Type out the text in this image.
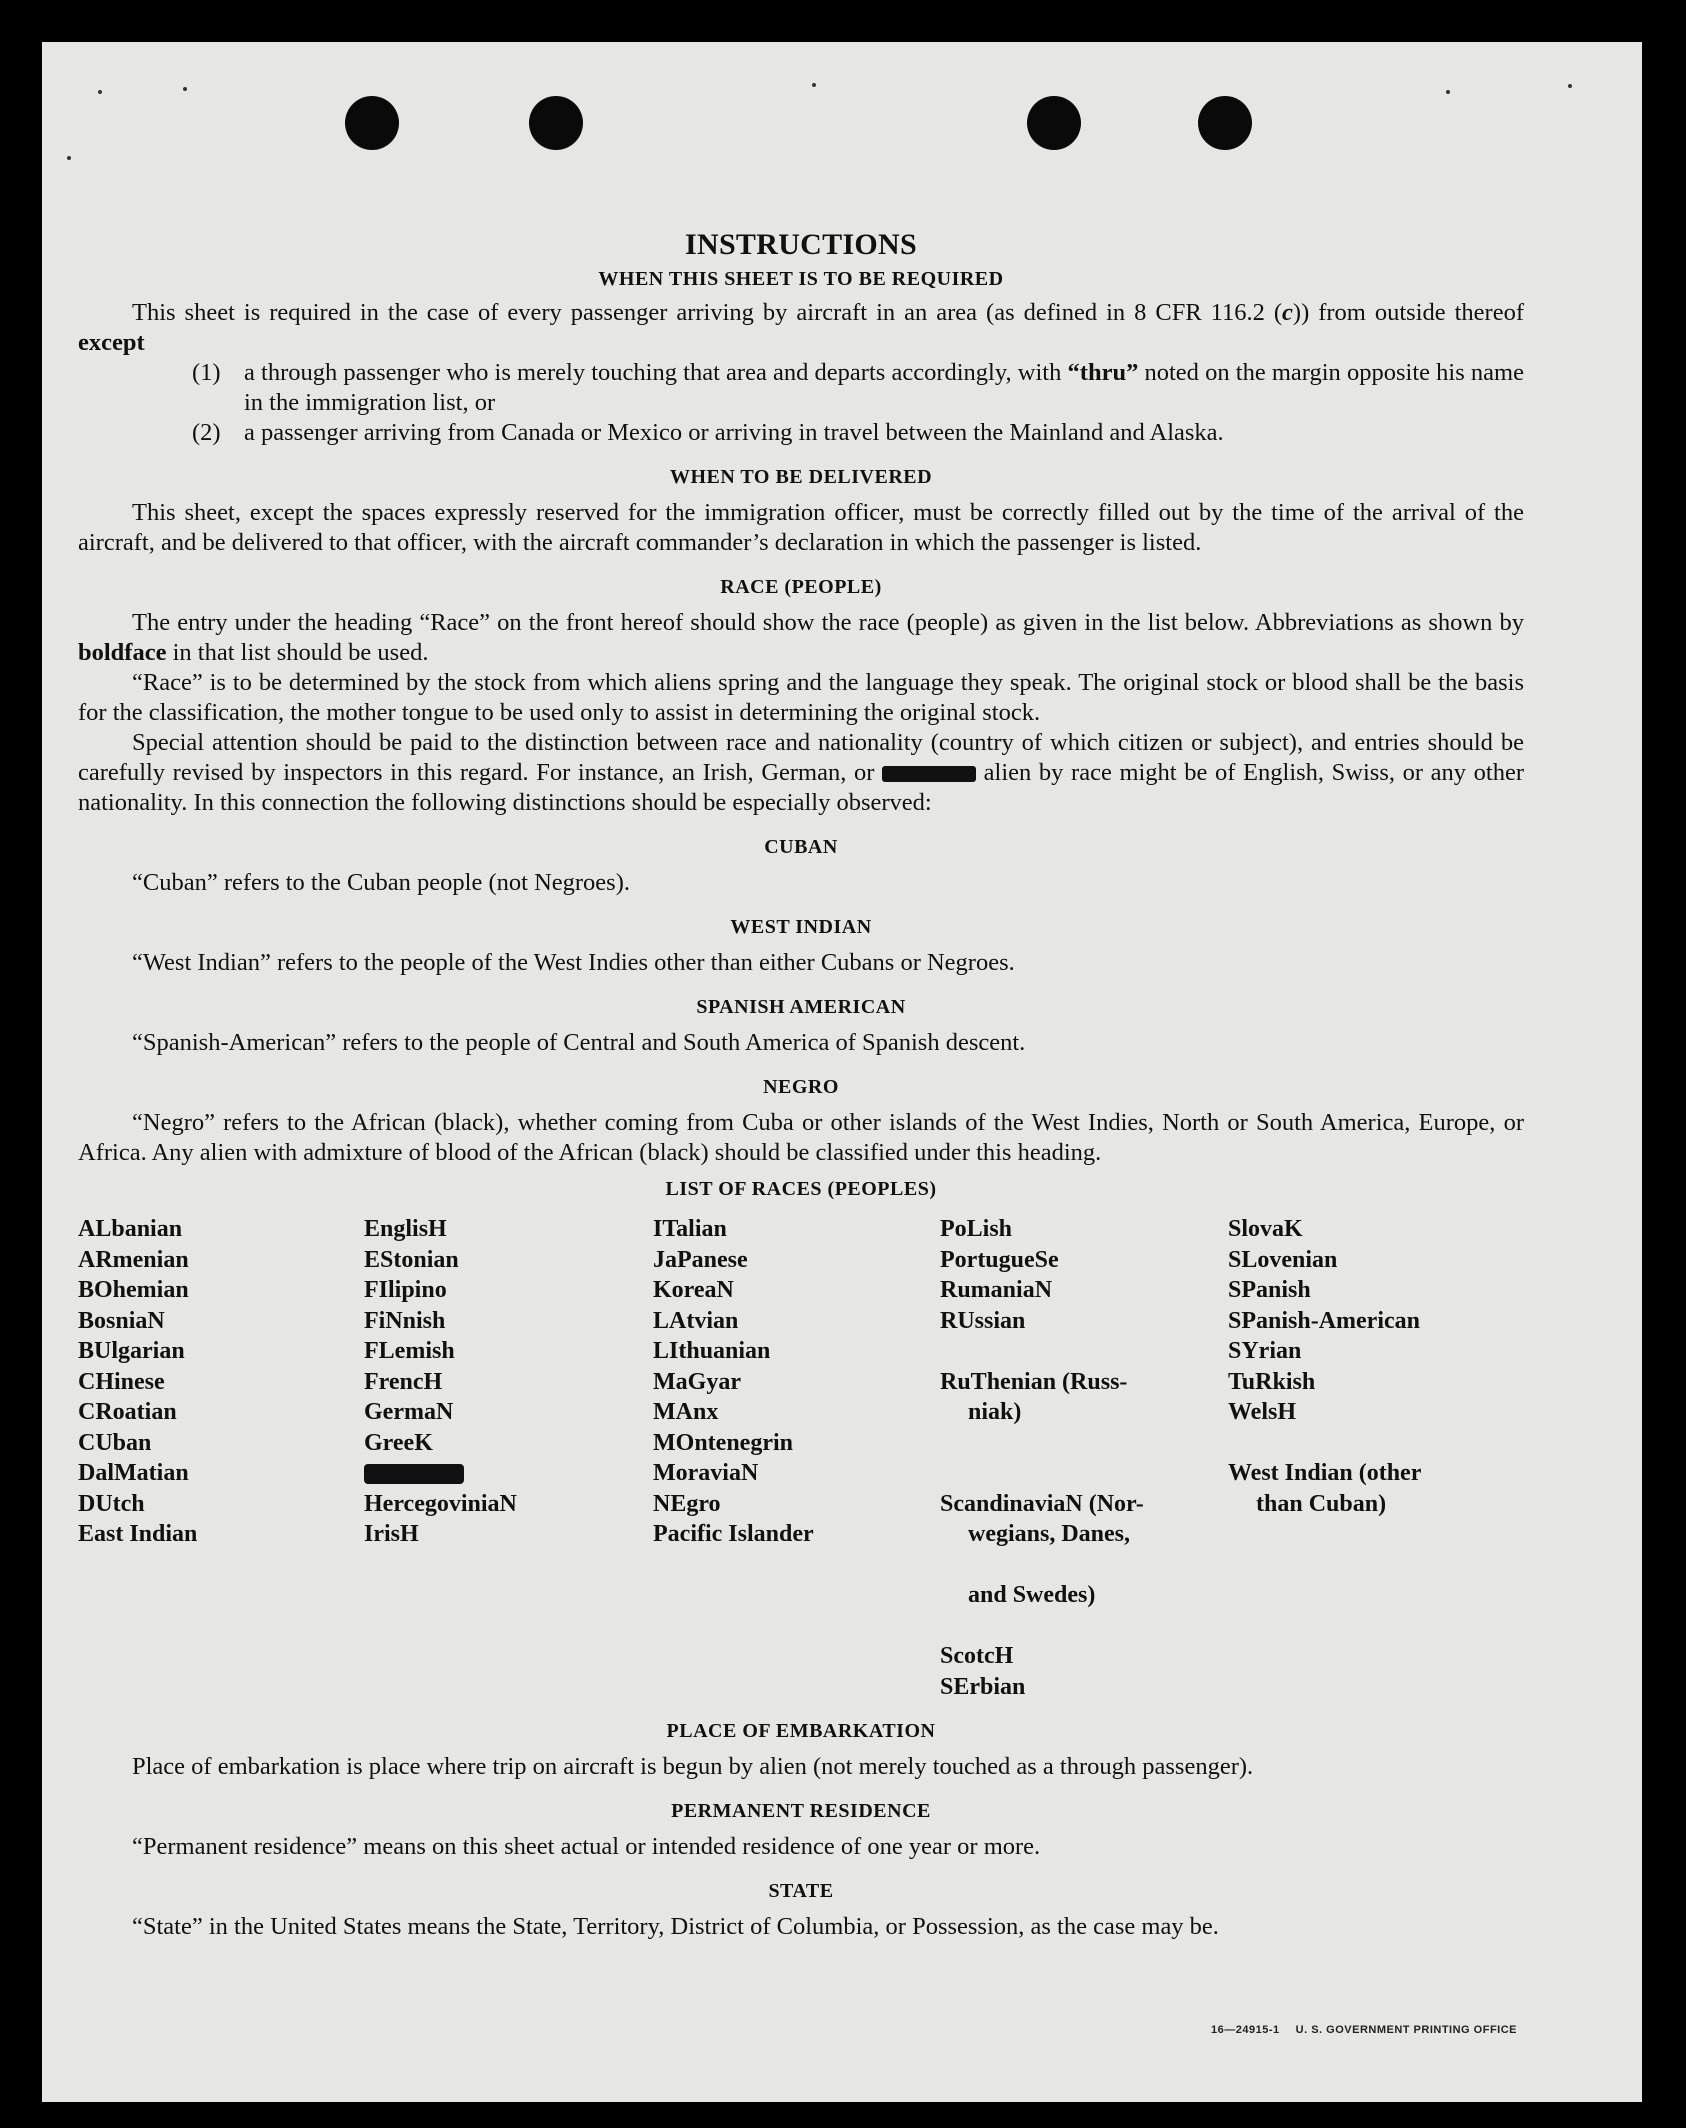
INSTRUCTIONS
WHEN THIS SHEET IS TO BE REQUIRED

This sheet is required in the case of every passenger arriving by aircraft in an area (as defined in 8 CFR 116.2 (c)) from outside thereof except

(1) a through passenger who is merely touching that area and departs accordingly, with “thru” noted on the margin opposite his name in the immigration list, or
(2) a passenger arriving from Canada or Mexico or arriving in travel between the Mainland and Alaska.
WHEN TO BE DELIVERED

This sheet, except the spaces expressly reserved for the immigration officer, must be correctly filled out by the time of the arrival of the aircraft, and be delivered to that officer, with the aircraft commander’s declaration in which the passenger is listed.

RACE (PEOPLE)

The entry under the heading “Race” on the front hereof should show the race (people) as given in the list below. Abbreviations as shown by boldface in that list should be used.

“Race” is to be determined by the stock from which aliens spring and the language they speak. The original stock or blood shall be the basis for the classification, the mother tongue to be used only to assist in determining the original stock.

Special attention should be paid to the distinction between race and nationality (country of which citizen or subject), and entries should be carefully revised by inspectors in this regard. For instance, an Irish, German, or	alien by race might be of English, Swiss, or any other nationality. In this connection the following distinctions should be especially observed:

CUBAN

“Cuban” refers to the Cuban people (not Negroes).

WEST INDIAN

“West Indian” refers to the people of the West Indies other than either Cubans or Negroes.

SPANISH AMERICAN

“Spanish-American” refers to the people of Central and South America of Spanish descent.

NEGRO

“Negro” refers to the African (black), whether coming from Cuba or other islands of the West Indies, North or South America, Europe, or Africa. Any alien with admixture of blood of the African (black) should be classified under this heading.

LIST OF RACES (PEOPLES)
ALbanian
ARmenian
BOhemian
BosniaN
BUlgarian
CHinese
CRoatian
CUban
DalMatian
DUtch
East Indian
EnglisH
EStonian
FIlipino
FiNnish
FLemish
FrencH
GermaN
GreeK
HercegoviniaN
IrisH
ITalian
JaPanese
KoreaN
LAtvian
LIthuanian
MaGyar
MAnx
MOntenegrin
MoraviaN
NEgro
Pacific Islander
PoLish
PortugueSe
RumaniaN
RUssian

RuThenian (Russ-

niak)

ScandinaviaN (Nor-

wegians, Danes,

and Swedes)

ScotcH
SErbian
SlovaK
SLovenian
SPanish
SPanish-American
SYrian
TuRkish
WelsH

West Indian (other

than Cuban)

PLACE OF EMBARKATION

Place of embarkation is place where trip on aircraft is begun by alien (not merely touched as a through passenger).

PERMANENT RESIDENCE

“Permanent residence” means on this sheet actual or intended residence of one year or more.

STATE

“State” in the United States means the State, Territory, District of Columbia, or Possession, as the case may be.

16—24915-1 U. S. GOVERNMENT PRINTING OFFICE
